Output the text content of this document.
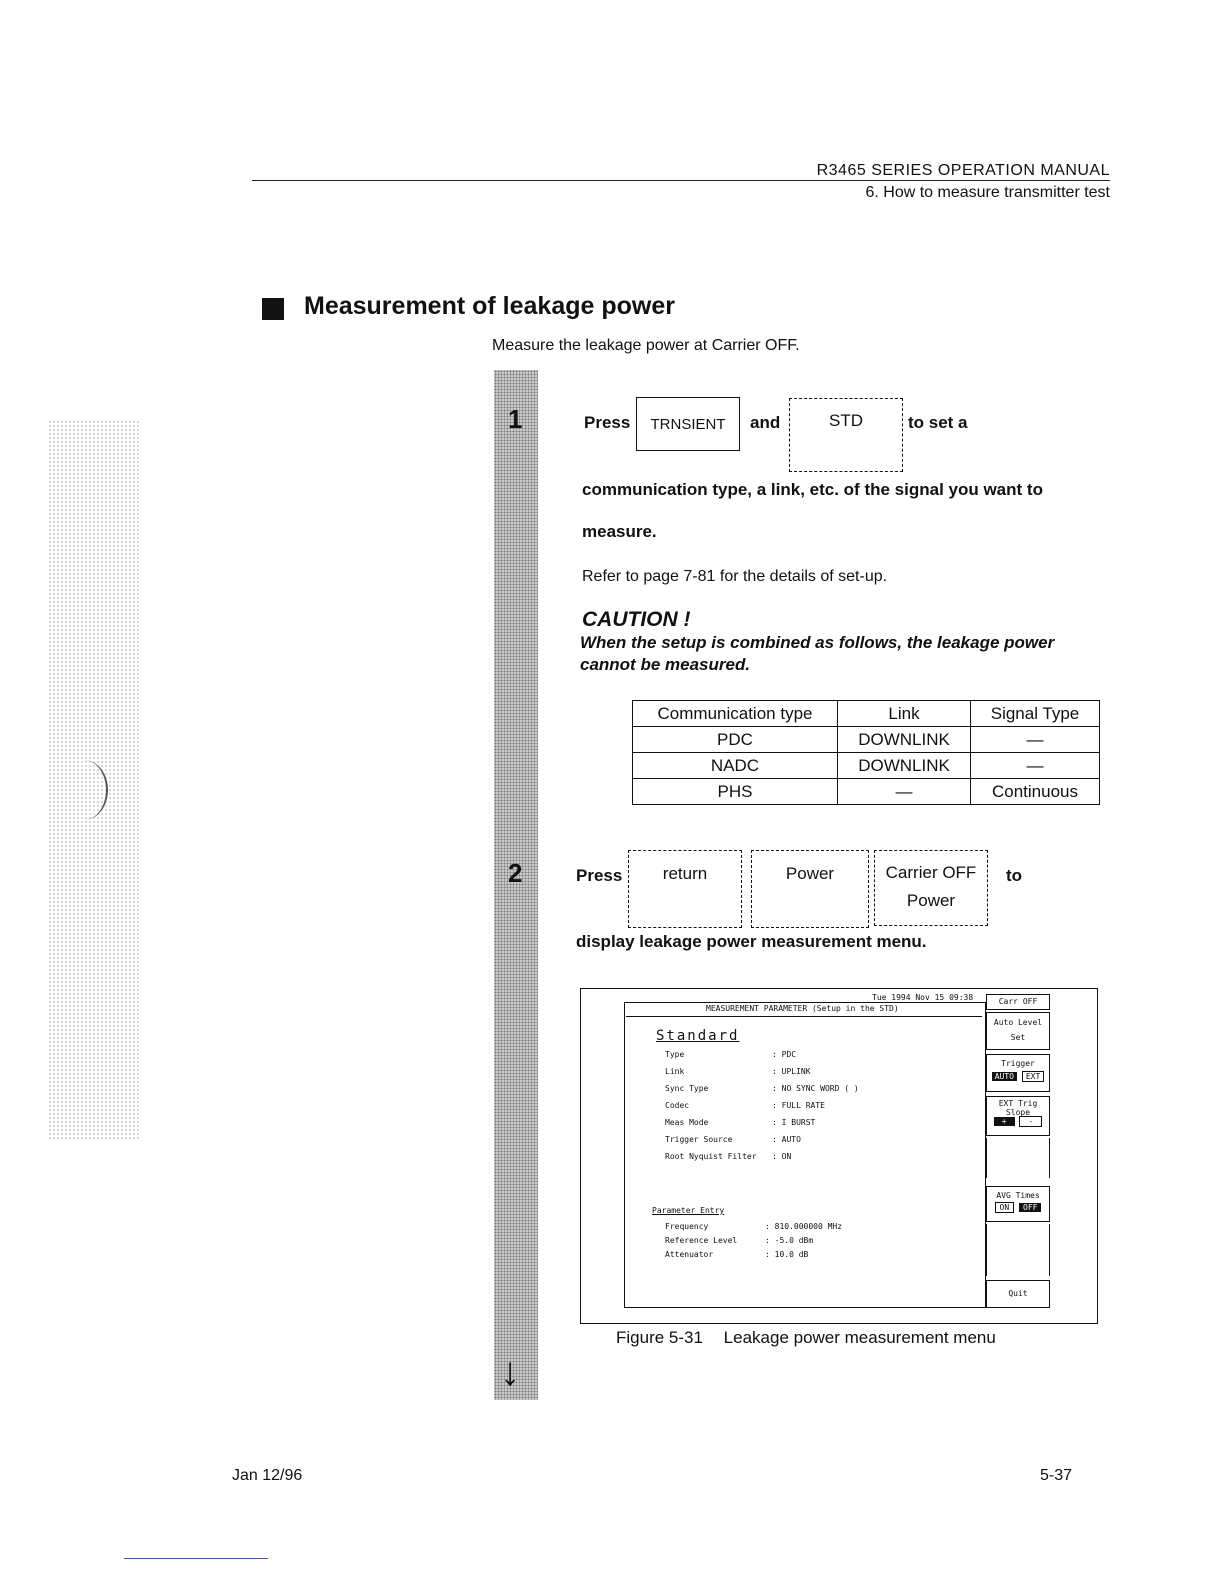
R3465 SERIES OPERATION MANUAL
6. How to measure transmitter test
Measurement of leakage power
Measure the leakage power at Carrier OFF.
1
2
↓
Press TRNSIENT and	STD	to set a
communication type, a link, etc. of the signal you want to
measure.
Refer to page 7-81 for the details of set-up.
CAUTION !
When the setup is combined as follows, the leakage power cannot be measured.
Communication type	Link	Signal Type
PDC	DOWNLINK	—
NADC	DOWNLINK	—
PHS	—	Continuous
Press	return	Power	Carrier OFF
Power
to
display leakage power measurement menu.
Tue 1994 Nov 15 09:38
MEASUREMENT PARAMETER (Setup in the STD)
Standard
Type	: PDC
Link	: UPLINK
Sync Type	: NO SYNC WORD ( )
Codec	: FULL RATE
Meas Mode	: I BURST
Trigger Source	: AUTO
Root Nyquist Filter : ON
Parameter Entry
Frequency	: 810.000000 MHz
Reference Level	: -5.0 dBm
Attenuator	: 10.0 dB
Carr OFF
Auto Level
Set
Trigger
AUTO EXT
EXT Trig
Slope
+	-
AVG Times
ON OFF
Quit
Figure 5-31 Leakage power measurement menu
Jan 12/96	5-37
